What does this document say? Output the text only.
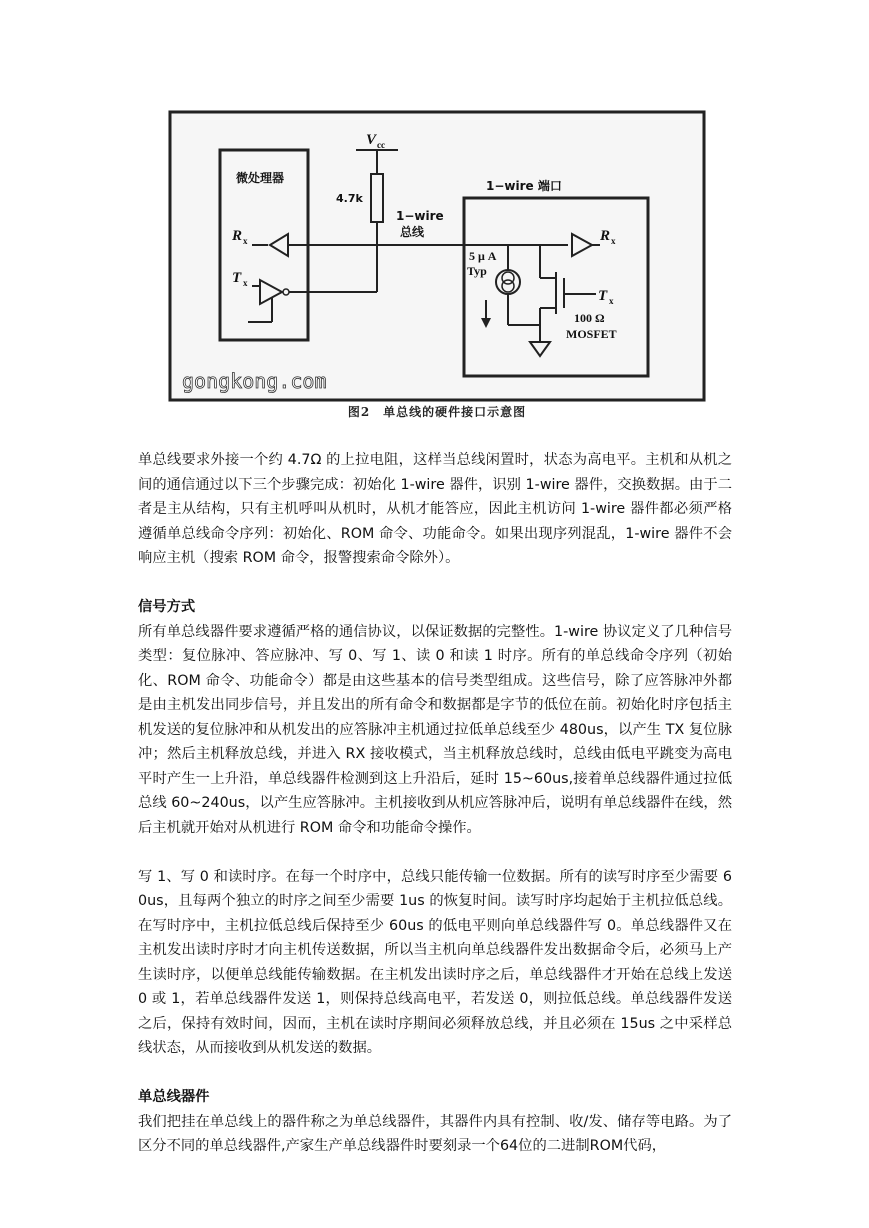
微处理器
1−wire 端口
V cc
4.7k
1−wire
总线
R x
T x
R x
5 μ A
Typ
T x
100 Ω
MOSFET
gongkong.com
图2　单总线的硬件接口示意图

单总线要求外接一个约 4.7Ω 的上拉电阻，这样当总线闲置时，状态为高电平。主机和从机之间的通信通过以下三个步骤完成：初始化 1-wire 器件，识别 1-wire 器件，交换数据。由于二者是主从结构，只有主机呼叫从机时，从机才能答应，因此主机访问 1-wire 器件都必须严格遵循单总线命令序列：初始化、ROM 命令、功能命令。如果出现序列混乱，1-wire 器件不会响应主机（搜索 ROM 命令，报警搜索命令除外）。

信号方式

所有单总线器件要求遵循严格的通信协议，以保证数据的完整性。1-wire 协议定义了几种信号类型：复位脉冲、答应脉冲、写 0、写 1、读 0 和读 1 时序。所有的单总线命令序列（初始化、ROM 命令、功能命令）都是由这些基本的信号类型组成。这些信号，除了应答脉冲外都是由主机发出同步信号，并且发出的所有命令和数据都是字节的低位在前。初始化时序包括主机发送的复位脉冲和从机发出的应答脉冲主机通过拉低单总线至少 480us，以产生 TX 复位脉冲；然后主机释放总线，并进入 RX 接收模式，当主机释放总线时，总线由低电平跳变为高电平时产生一上升沿，单总线器件检测到这上升沿后，延时 15~60us,接着单总线器件通过拉低总线 60~240us，以产生应答脉冲。主机接收到从机应答脉冲后，说明有单总线器件在线，然后主机就开始对从机进行 ROM 命令和功能命令操作。

写 1、写 0 和读时序。在每一个时序中，总线只能传输一位数据。所有的读写时序至少需要 60us，且每两个独立的时序之间至少需要 1us 的恢复时间。读写时序均起始于主机拉低总线。在写时序中，主机拉低总线后保持至少 60us 的低电平则向单总线器件写 0。单总线器件又在主机发出读时序时才向主机传送数据，所以当主机向单总线器件发出数据命令后，必须马上产生读时序，以便单总线能传输数据。在主机发出读时序之后，单总线器件才开始在总线上发送 0 或 1，若单总线器件发送 1，则保持总线高电平，若发送 0，则拉低总线。单总线器件发送之后，保持有效时间，因而，主机在读时序期间必须释放总线，并且必须在 15us 之中采样总线状态，从而接收到从机发送的数据。

单总线器件

我们把挂在单总线上的器件称之为单总线器件，其器件内具有控制、收/发、储存等电路。为了区分不同的单总线器件,产家生产单总线器件时要刻录一个64位的二进制ROM代码，
